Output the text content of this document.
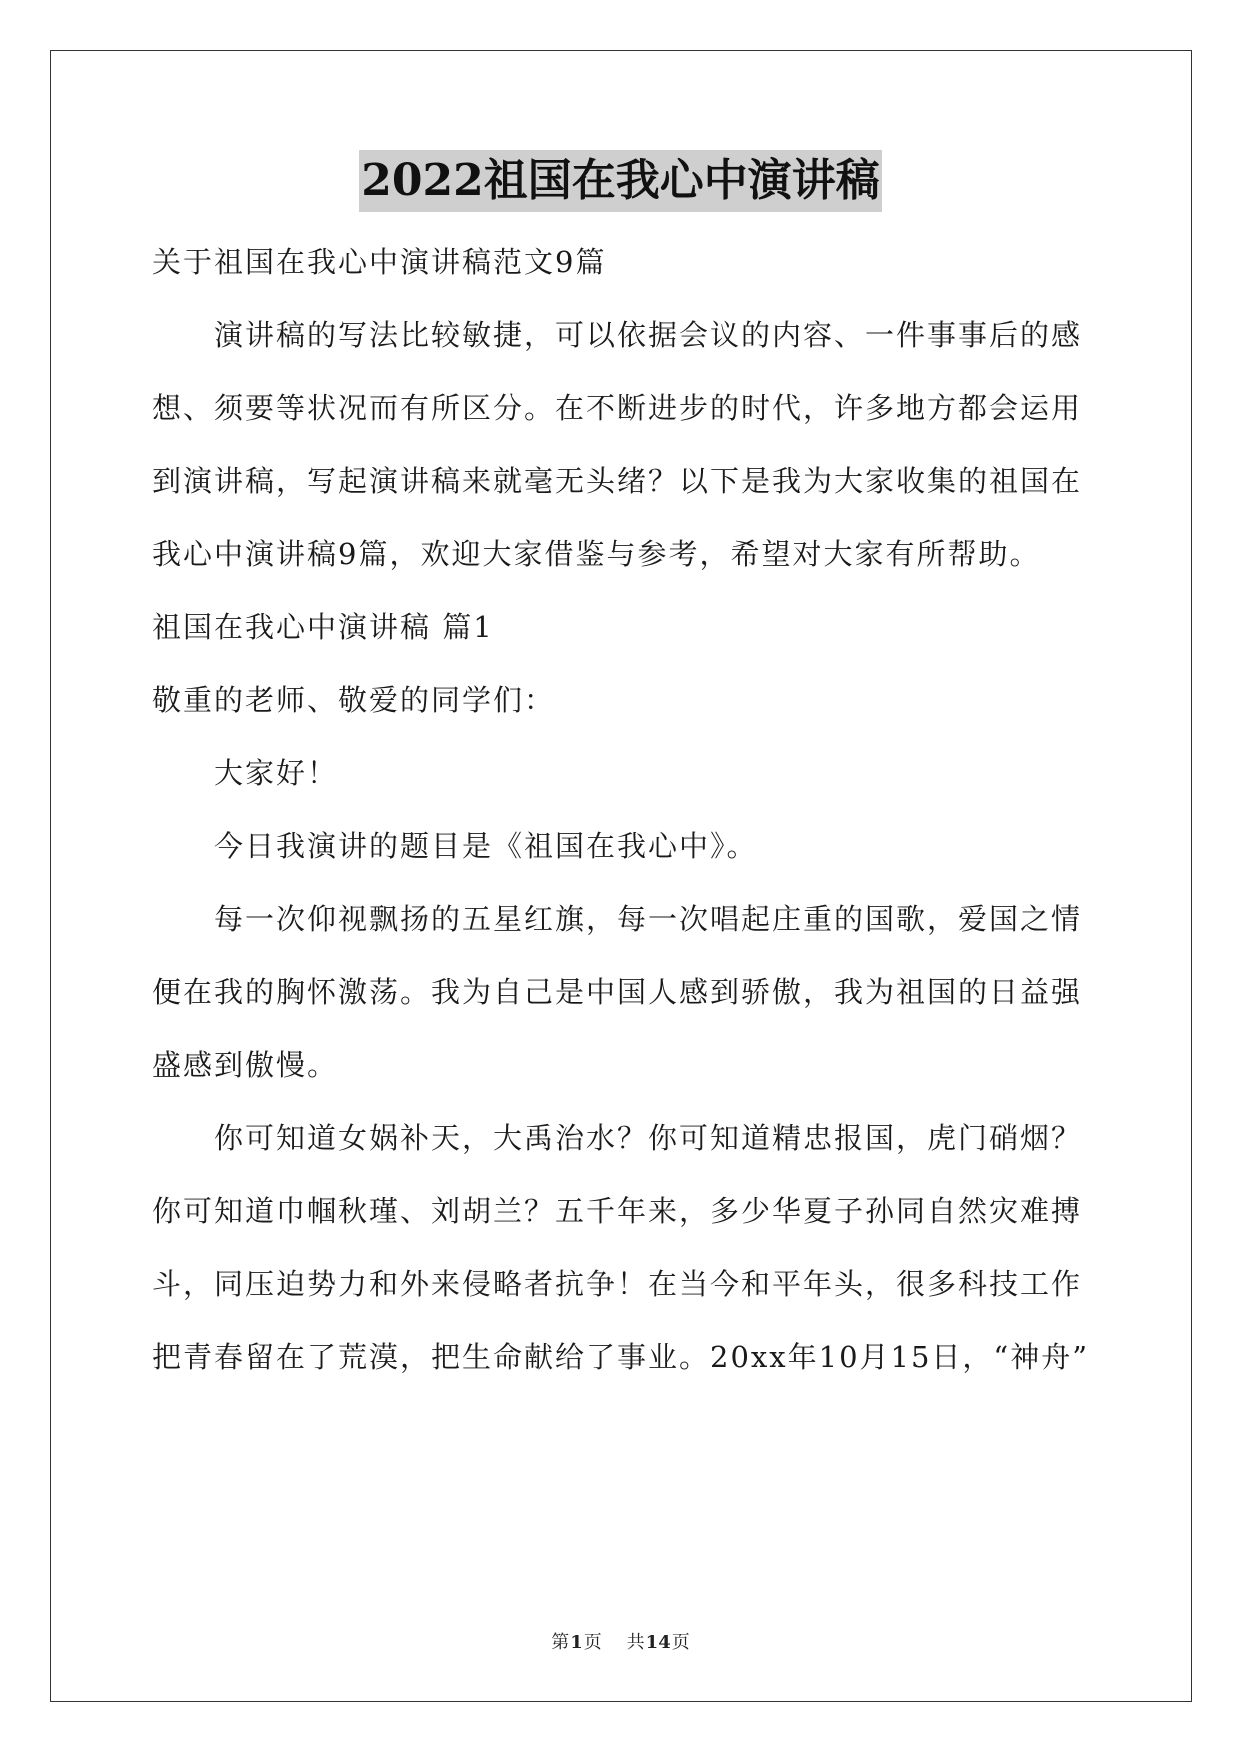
2022祖国在我心中演讲稿

关于祖国在我心中演讲稿范文9篇

演讲稿的写法比较敏捷，可以依据会议的内容、一件事事后的感

想、须要等状况而有所区分。在不断进步的时代，许多地方都会运用

到演讲稿，写起演讲稿来就毫无头绪？以下是我为大家收集的祖国在

我心中演讲稿9篇，欢迎大家借鉴与参考，希望对大家有所帮助。

祖国在我心中演讲稿 篇1

敬重的老师、敬爱的同学们：

大家好！

今日我演讲的题目是《祖国在我心中》。

每一次仰视飘扬的五星红旗，每一次唱起庄重的国歌，爱国之情

便在我的胸怀激荡。我为自己是中国人感到骄傲，我为祖国的日益强

盛感到傲慢。

你可知道女娲补天，大禹治水？你可知道精忠报国，虎门硝烟？

你可知道巾帼秋瑾、刘胡兰？五千年来，多少华夏子孙同自然灾难搏

斗，同压迫势力和外来侵略者抗争！在当今和平年头，很多科技工作

把青春留在了荒漠，把生命献给了事业。20xx年10月15日，“神舟”

第1页 共14页
